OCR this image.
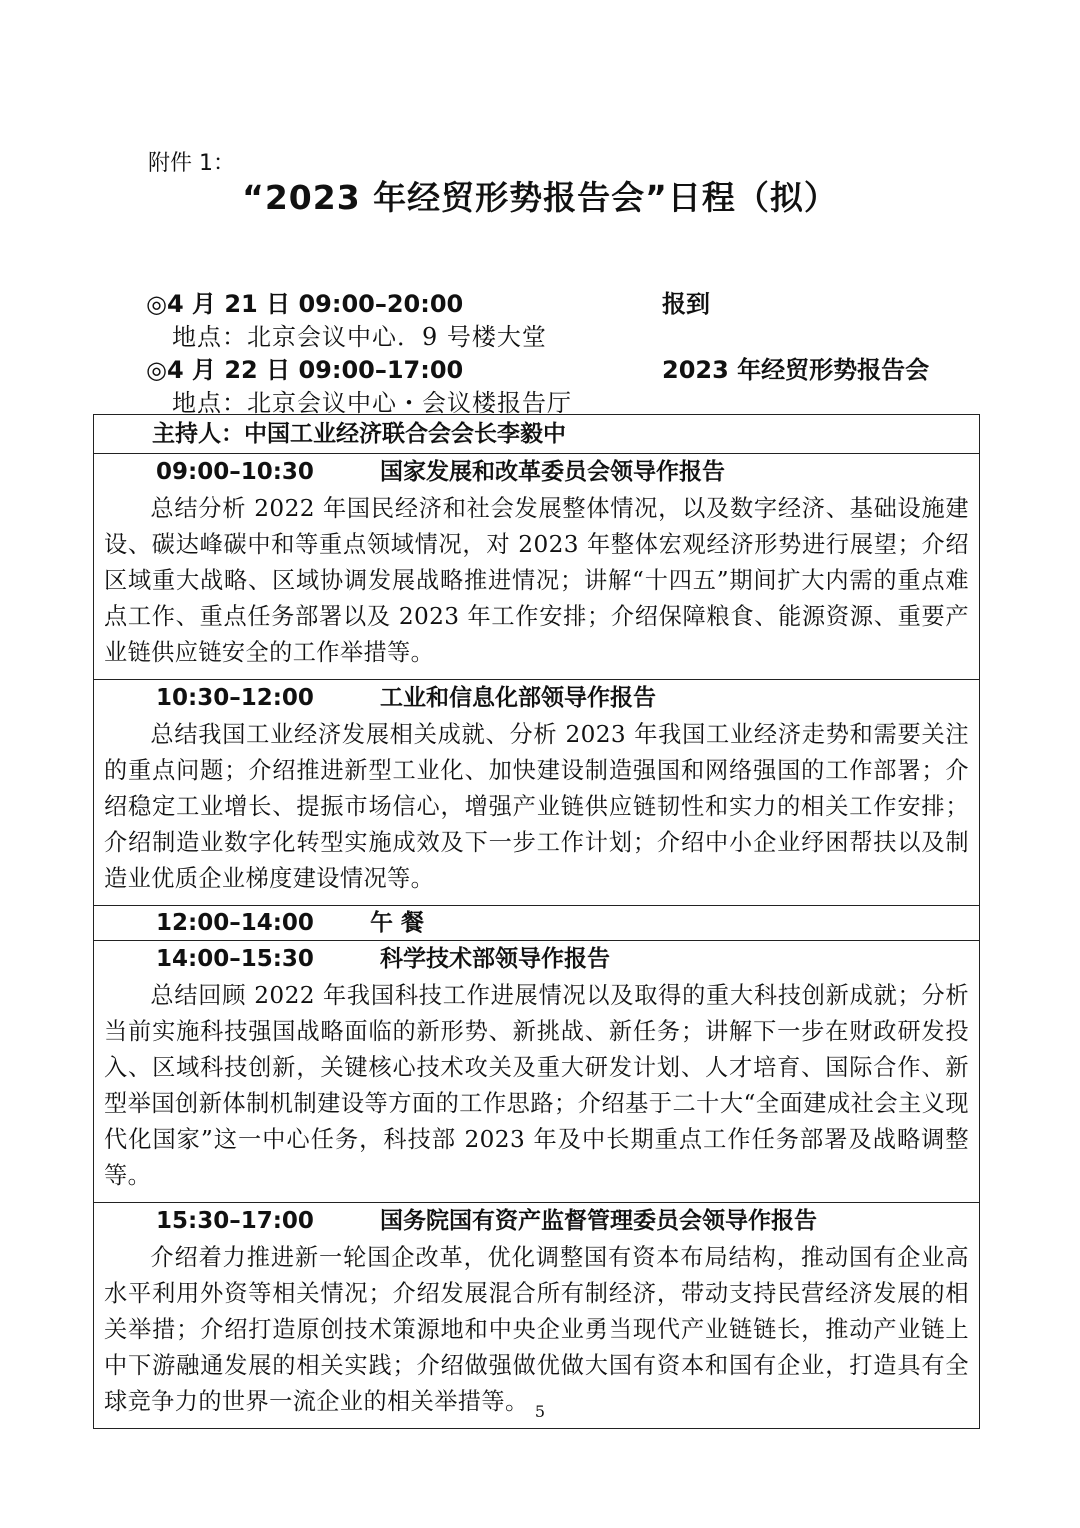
附件 1：
“2023 年经贸形势报告会”日程（拟）
◎4 月 21 日 09:00–20:00	报到
地点：北京会议中心．9 号楼大堂
◎4 月 22 日 09:00–17:00	2023 年经贸形势报告会
地点：北京会议中心・会议楼报告厅
主持人：中国工业经济联合会会长李毅中
09:00–10:30	国家发展和改革委员会领导作报告
总结分析 2022 年国民经济和社会发展整体情况，以及数字经济、基础设施建设、碳达峰碳中和等重点领域情况，对 2023 年整体宏观经济形势进行展望；介绍区域重大战略、区域协调发展战略推进情况；讲解“十四五”期间扩大内需的重点难点工作、重点任务部署以及 2023 年工作安排；介绍保障粮食、能源资源、重要产业链供应链安全的工作举措等。
10:30–12:00	工业和信息化部领导作报告
总结我国工业经济发展相关成就、分析 2023 年我国工业经济走势和需要关注的重点问题；介绍推进新型工业化、加快建设制造强国和网络强国的工作部署；介绍稳定工业增长、提振市场信心，增强产业链供应链韧性和实力的相关工作安排；介绍制造业数字化转型实施成效及下一步工作计划；介绍中小企业纾困帮扶以及制造业优质企业梯度建设情况等。
12:00–14:00	午 餐
14:00–15:30	科学技术部领导作报告
总结回顾 2022 年我国科技工作进展情况以及取得的重大科技创新成就；分析当前实施科技强国战略面临的新形势、新挑战、新任务；讲解下一步在财政研发投入、区域科技创新，关键核心技术攻关及重大研发计划、人才培育、国际合作、新型举国创新体制机制建设等方面的工作思路；介绍基于二十大“全面建成社会主义现代化国家”这一中心任务，科技部 2023 年及中长期重点工作任务部署及战略调整等。
15:30–17:00	国务院国有资产监督管理委员会领导作报告
介绍着力推进新一轮国企改革，优化调整国有资本布局结构，推动国有企业高水平利用外资等相关情况；介绍发展混合所有制经济，带动支持民营经济发展的相关举措；介绍打造原创技术策源地和中央企业勇当现代产业链链长，推动产业链上中下游融通发展的相关实践；介绍做强做优做大国有资本和国有企业，打造具有全球竞争力的世界一流企业的相关举措等。 5
